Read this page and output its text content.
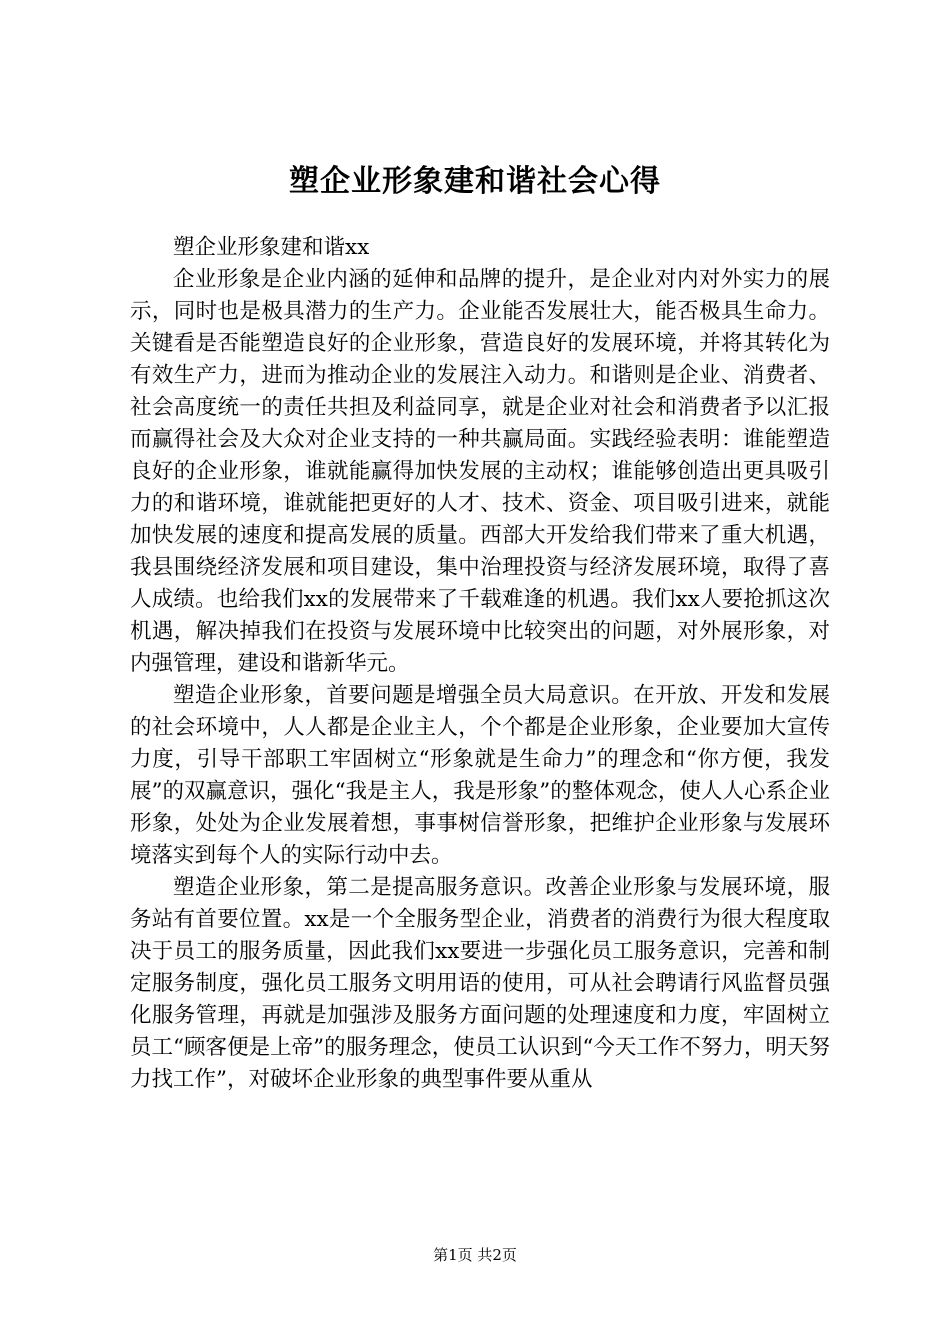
塑企业形象建和谐社会心得

塑企业形象建和谐xx

企业形象是企业内涵的延伸和品牌的提升，是企业对内对外实力的展示，同时也是极具潜力的生产力。企业能否发展壮大，能否极具生命力。关键看是否能塑造良好的企业形象，营造良好的发展环境，并将其转化为有效生产力，进而为推动企业的发展注入动力。和谐则是企业、消费者、社会高度统一的责任共担及利益同享，就是企业对社会和消费者予以汇报而赢得社会及大众对企业支持的一种共赢局面。实践经验表明：谁能塑造良好的企业形象，谁就能赢得加快发展的主动权；谁能够创造出更具吸引力的和谐环境，谁就能把更好的人才、技术、资金、项目吸引进来，就能加快发展的速度和提高发展的质量。西部大开发给我们带来了重大机遇，我县围绕经济发展和项目建设，集中治理投资与经济发展环境，取得了喜人成绩。也给我们xx的发展带来了千载难逢的机遇。我们xx人要抢抓这次机遇，解决掉我们在投资与发展环境中比较突出的问题，对外展形象，对内强管理，建设和谐新华元。

塑造企业形象，首要问题是增强全员大局意识。在开放、开发和发展的社会环境中，人人都是企业主人，个个都是企业形象，企业要加大宣传力度，引导干部职工牢固树立“形象就是生命力”的理念和“你方便，我发展”的双赢意识，强化“我是主人，我是形象”的整体观念，使人人心系企业形象，处处为企业发展着想，事事树信誉形象，把维护企业形象与发展环境落实到每个人的实际行动中去。

塑造企业形象，第二是提高服务意识。改善企业形象与发展环境，服务站有首要位置。xx是一个全服务型企业，消费者的消费行为很大程度取决于员工的服务质量，因此我们xx要进一步强化员工服务意识，完善和制定服务制度，强化员工服务文明用语的使用，可从社会聘请行风监督员强化服务管理，再就是加强涉及服务方面问题的处理速度和力度，牢固树立员工“顾客便是上帝”的服务理念，使员工认识到“今天工作不努力，明天努力找工作”，对破坏企业形象的典型事件要从重从

第1页 共2页
